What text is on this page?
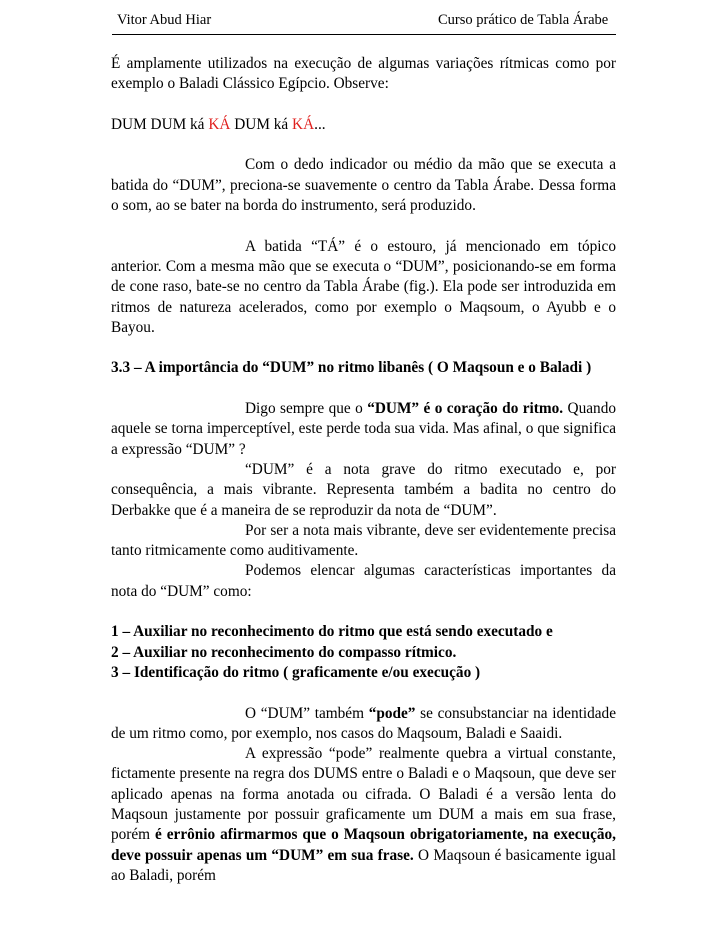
Vitor Abud Hiar	Curso prático de Tabla Árabe

É amplamente utilizados na execução de algumas variações rítmicas como por exemplo o Baladi Clássico Egípcio. Observe:

DUM DUM ká KÁ DUM ká KÁ...

Com o dedo indicador ou médio da mão que se executa a batida do “DUM”, preciona-se suavemente o centro da Tabla Árabe. Dessa forma o som, ao se bater na borda do instrumento, será produzido.

A batida “TÁ” é o estouro, já mencionado em tópico anterior. Com a mesma mão que se executa o “DUM”, posicionando-se em forma de cone raso, bate-se no centro da Tabla Árabe (fig.). Ela pode ser introduzida em ritmos de natureza acelerados, como por exemplo o Maqsoum, o Ayubb e o Bayou.

3.3 – A importância do “DUM” no ritmo libanês ( O Maqsoun e o Baladi )

Digo sempre que o “DUM” é o coração do ritmo. Quando aquele se torna imperceptível, este perde toda sua vida. Mas afinal, o que significa a expressão “DUM” ?

“DUM” é a nota grave do ritmo executado e, por consequência, a mais vibrante. Representa também a badita no centro do Derbakke que é a maneira de se reproduzir da nota de “DUM”.

Por ser a nota mais vibrante, deve ser evidentemente precisa tanto ritmicamente como auditivamente.

Podemos elencar algumas características importantes da nota do “DUM” como:

1 – Auxiliar no reconhecimento do ritmo que está sendo executado e

2 – Auxiliar no reconhecimento do compasso rítmico.

3 – Identificação do ritmo ( graficamente e/ou execução )

O “DUM” também “pode” se consubstanciar na identidade de um ritmo como, por exemplo, nos casos do Maqsoum, Baladi e Saaidi.

A expressão “pode” realmente quebra a virtual constante, fictamente presente na regra dos DUMS entre o Baladi e o Maqsoun, que deve ser aplicado apenas na forma anotada ou cifrada. O Baladi é a versão lenta do Maqsoun justamente por possuir graficamente um DUM a mais em sua frase, porém é errônio afirmarmos que o Maqsoun obrigatoriamente, na execução, deve possuir apenas um “DUM” em sua frase. O Maqsoun é basicamente igual ao Baladi, porém
